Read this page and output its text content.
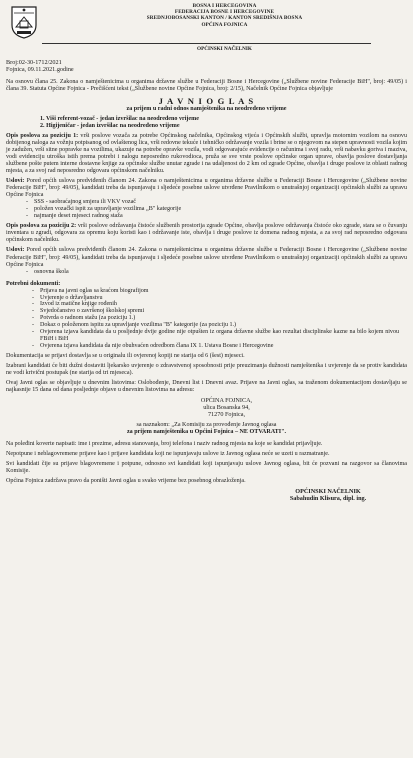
BOSNA I HERCEGOVINA
FEDERACIJA BOSNE I HERCEGOVINE
SREDNJOBOSANSKI KANTON / KANTON SREDIŠNJA BOSNA
OPĆINA FOJNICA
OPĆINSKI NAČELNIK
Broj:02-30-1712/2021
Fojnica, 09.11.2021.godine

Na osnovu člana 25. Zakona o namještenicima u organima državne službe u Federaciji Bosne i Hercegovine („Službene novine Federacije BiH", broj: 49/05) i člana 39. Statuta Općine Fojnica - Prečišćeni tekst („Službene novine Općine Fojnica, broj: 2/15), Načelnik Općine Fojnica objavljuje

J A V N I O G L A S
za prijem u radni odnos namještenika na neodređeno vrijeme
1. Viši referent-vozač - jedan izvršilac na neodređeno vrijeme
2. Higijeničar - jedan izvršilac na neodređeno vrijeme

Opis poslova za poziciju 1: vrši poslove vozača za potrebe Općinskog načelnika, Općinskog vijeća i Općinskih službi, upravlja motornim vozilom na osnovu dobijenog naloga za vožnju potpisanog od ovlaštenog lica, vrši redovne tekuće i tehničko održavanje vozila i brine se o njegovom na stepen upravnosti vozila kojim je zadužen, vrši sitne popravke na vozilima, ukazuje na potrebe opravke vozila, vodi odgovarajuće evidencije o računima i svoj radu, vrši nabavku goriva i maziva, vodi evidenciju utroška istih prema potrebi i nalogu neposredno rukovodioca, pruža se sve vrste poslove općinske organ uprave, obavlja poslove dostavljanja službene pošte putem interne dostavne knjige za općinske službe unutar zgrade i na udaljenost do 2 km od zgrade Općine, obavlja i druge poslove iz oblasti radnog mjesta, a za svoj rad neposredno odgovara općinskom načelniku.

Uslovi: Pored općih uslova predviđenih članom 24. Zakona o namještenicima u organima državne službe u Federaciji Bosne i Hercegovine („Službene novine Federacije BiH", broj: 49/05), kandidati treba da ispunjavaju i sljedeće posebne uslove utvrđene Pravilnikom o unutrašnjoj organizaciji općinskih službi za upravu Općine Fojnica

- SSS - saobraćajnog smjera ili VKV vozač
- položen vozački ispit za upravljanje vozilima „B" kategorije
- najmanje deset mjeseci radnog staža

Opis poslova za poziciju 2: vrši poslove održavanja čistoće službenih prostorija zgrade Općine, obavlja poslove održavanja čistoće oko zgrade, stara se o čuvanju inventara u zgradi, odgovara za opremu koju koristi kao i održavanje iste, obavlja i druge poslove iz domena radnog mjesta, a za svoj rad neposredno odgovara općinskom načelniku.

Uslovi: Pored općih uslova predviđenih članom 24. Zakona o namještenicima u organima državne službe u Federaciji Bosne i Hercegovine („Službene novine Federacije BiH", broj: 49/05), kandidati treba da ispunjavaju i sljedeće posebne uslove utvrđene Pravilnikom o unutrašnjoj organizaciji općinskih službi za upravu Općine Fojnica

- osnovna škola
Potrebni dokumenti:
- Prijava na javni oglas sa kraćom biografijom
- Uvjerenje o državljanstvu
- Izvod iz matične knjige rođenih
- Svjedočanstvo o završenoj školskoj spremi
- Potvrda o radnom stažu (za poziciju 1.)
- Dokaz o položenom ispitu za upravljanje vozilima "B" kategorije (za poziciju 1.)
- Ovjerena izjava kandidata da u posljednje dvije godine nije otpušten iz organa državne službe kao rezultat disciplinske kazne na bilo kojem nivou FBiH i BiH
- Ovjerena izjava kandidata da nije obuhvaćen odredbom člana IX 1. Ustava Bosne i Hercegovine

Dokumentacija se prijavi dostavlja se u originalu ili ovjerenoj kopiji ne starija od 6 (šest) mjeseci.

Izabrani kandidati će biti dužni dostaviti ljekarsko uvjerenje o zdravstvenoj sposobnosti prije preuzimanja dužnosti namještenika i uvjerenje da se protiv kandidata ne vodi krivični postupak (ne starija od tri mjeseca).

Ovaj Javni oglas se objavljuje u dnevnim listovima: Oslobođenje, Dnevni list i Dnevni avaz. Prijave na Javni oglas, sa traženom dokumentacijom dostavljaju se najkasnije 15 dana od dana posljednje objave u dnevnim listovima na adresu:

OPĆINA FOJNICA,
ulica Bosanska 94,
71270 Fojnica,
sa naznakom: „Za Komisiju za provođenje Javnog oglasa
za prijem namještenika u Općini Fojnica – NE OTVARATI".

Na poleđini koverte napisati: ime i prezime, adresu stanovanja, broj telefona i naziv radnog mjesta na koje se kandidat prijavljuje.

Nepotpune i neblagovremene prijave kao i prijave kandidata koji ne ispunjavaju uslove iz Javnog oglasa neće se uzeti u razmatranje.

Svi kandidati čije su prijave blagovremene i potpune, odnosno svi kandidati koji ispunjavaju uslove Javnog oglasa, bit će pozvani na razgovor sa članovima Komisije.

Općina Fojnica zadržava pravo da poništi Javni oglas u svako vrijeme bez posebnog obrazloženja.

OPĆINSKI NAČELNIK
Sabahudin Klisura, dipl. ing.
